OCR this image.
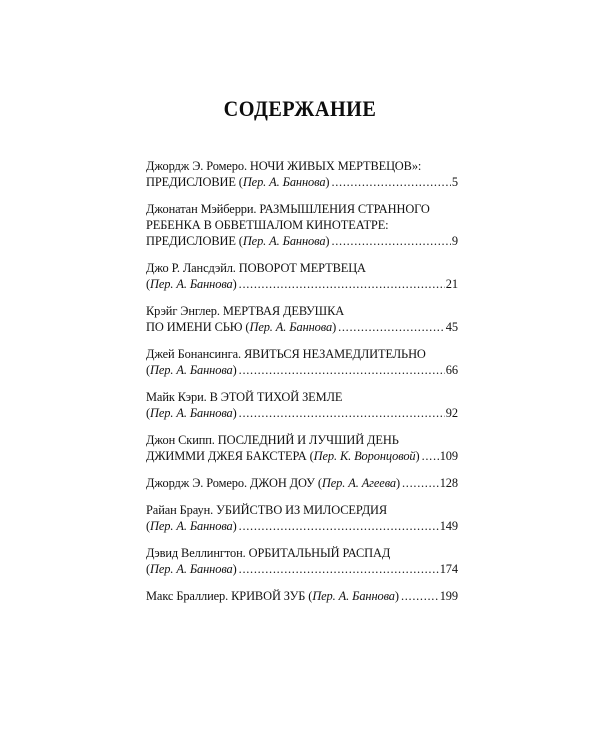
СОДЕРЖАНИЕ
Джордж Э. Ромеро. НОЧИ ЖИВЫХ МЕРТВЕЦОВ»:
ПРЕДИСЛОВИЕ (Пер. А. Баннова) . . .	5
Джонатан Мэйберри. РАЗМЫШЛЕНИЯ СТРАННОГО
РЕБЕНКА В ОБВЕТШАЛОМ КИНОТЕАТРЕ:
ПРЕДИСЛОВИЕ (Пер. А. Баннова) . . .	9
Джо Р. Лансдэйл. ПОВОРОТ МЕРТВЕЦА
(Пер. А. Баннова) . . .	21
Крэйг Энглер. МЕРТВАЯ ДЕВУШКА
ПО ИМЕНИ СЬЮ (Пер. А. Баннова) . . .	45
Джей Бонансинга. ЯВИТЬСЯ НЕЗАМЕДЛИТЕЛЬНО
(Пер. А. Баннова) . . .	66
Майк Кэри. В ЭТОЙ ТИХОЙ ЗЕМЛЕ
(Пер. А. Баннова) . . .	92
Джон Скипп. ПОСЛЕДНИЙ И ЛУЧШИЙ ДЕНЬ
ДЖИММИ ДЖЕЯ БАКСТЕРА (Пер. К. Воронцовой) . . . 109
Джордж Э. Ромеро. ДЖОН ДОУ (Пер. А. Агеева) . . .	128
Райан Браун. УБИЙСТВО ИЗ МИЛОСЕРДИЯ
(Пер. А. Баннова) . . .	149
Дэвид Веллингтон. ОРБИТАЛЬНЫЙ РАСПАД
(Пер. А. Баннова) . . .	174
Макс Браллиер. КРИВОЙ ЗУБ (Пер. А. Баннова) . . .	199
